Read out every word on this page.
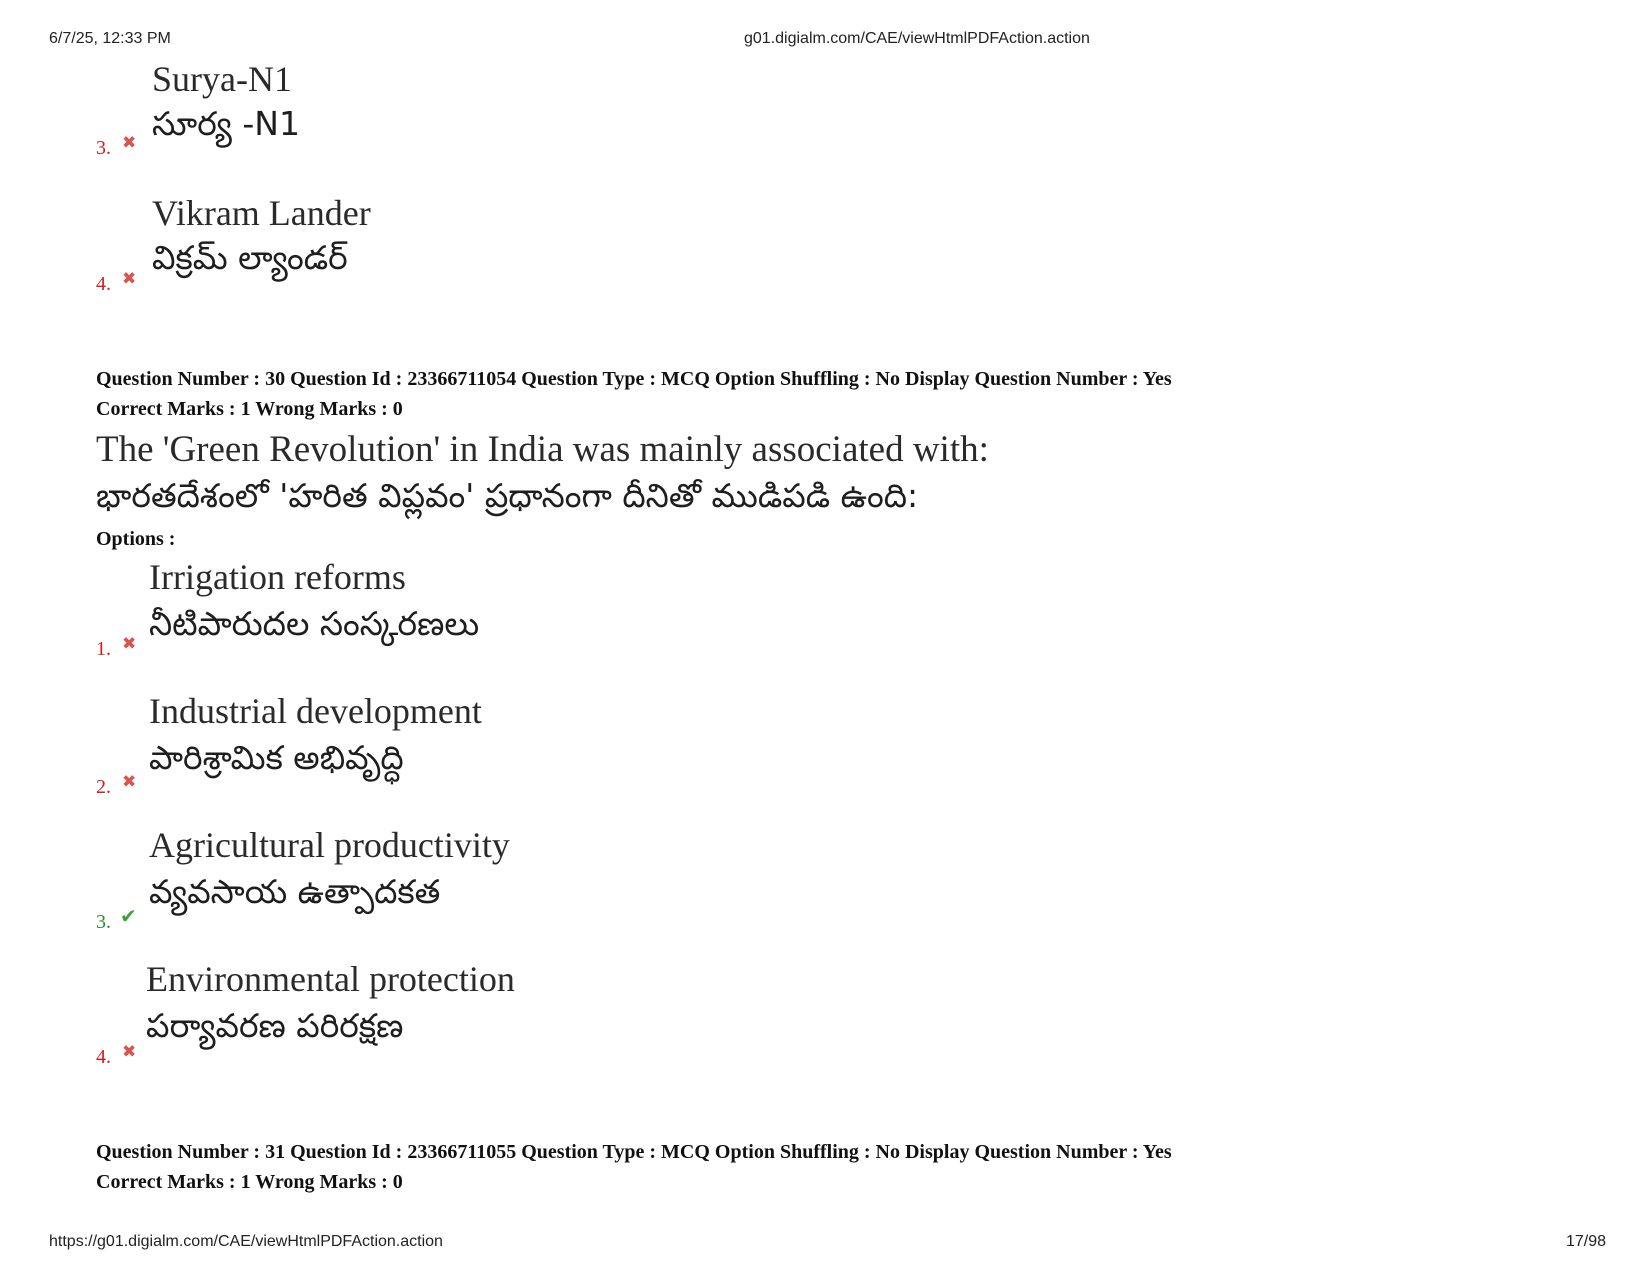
6/7/25, 12:33 PM	g01.digialm.com/CAE/viewHtmlPDFAction.action
Surya-N1
సూర్య -N1
3. ✖
Vikram Lander
విక్రమ్ ల్యాండర్
4. ✖
Question Number : 30 Question Id : 23366711054 Question Type : MCQ Option Shuffling : No Display Question Number : Yes
Correct Marks : 1 Wrong Marks : 0
The 'Green Revolution' in India was mainly associated with:
భారతదేశంలో 'హరిత విప్లవం' ప్రధానంగా దీనితో ముడిపడి ఉంది:
Options :
Irrigation reforms
నీటిపారుదల సంస్కరణలు
1. ✖
Industrial development
పారిశ్రామిక అభివృద్ధి
2. ✖
Agricultural productivity
వ్యవసాయ ఉత్పాదకత
3. ✔
Environmental protection
పర్యావరణ పరిరక్షణ
4. ✖
Question Number : 31 Question Id : 23366711055 Question Type : MCQ Option Shuffling : No Display Question Number : Yes
Correct Marks : 1 Wrong Marks : 0
https://g01.digialm.com/CAE/viewHtmlPDFAction.action	17/98
